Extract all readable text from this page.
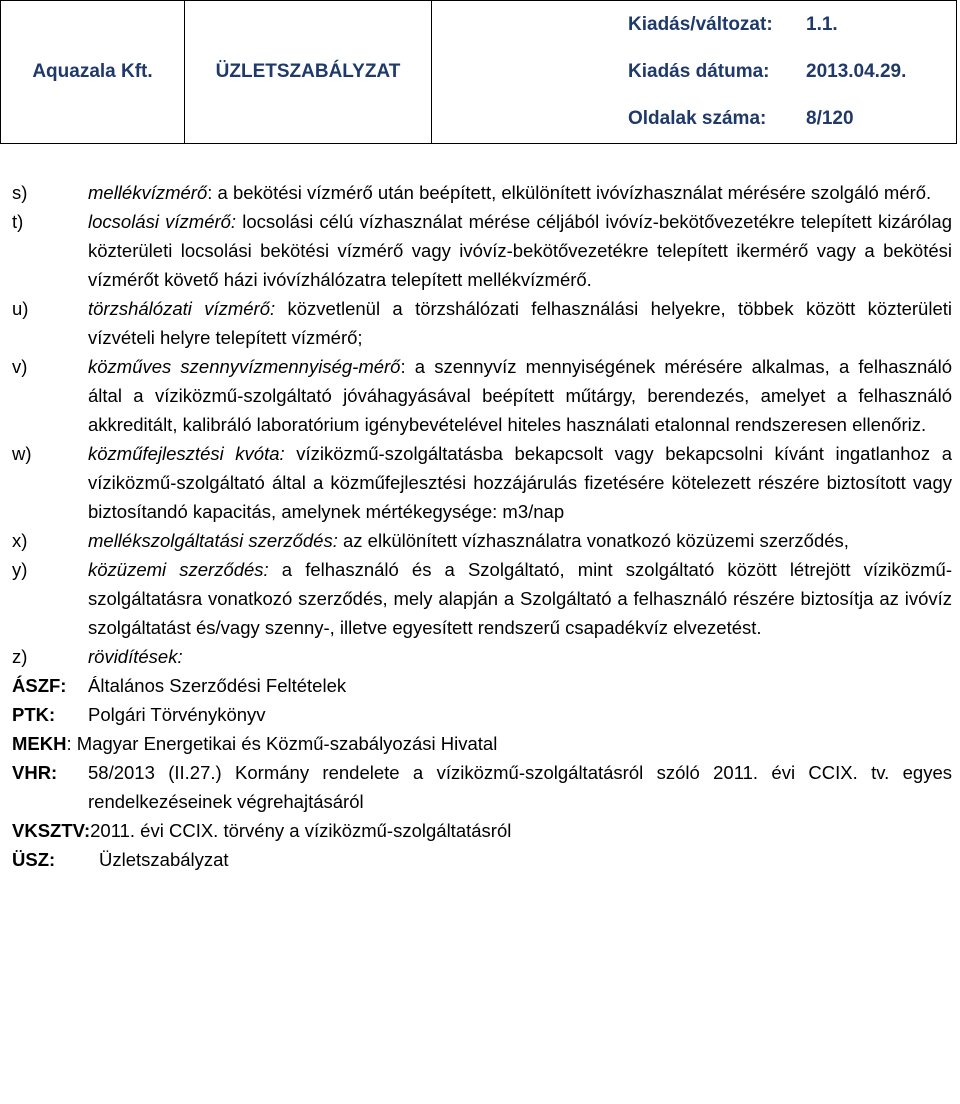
Aquazala Kft.	ÜZLETSZABÁLYZAT	
Kiadás/változat:	1.1.
Kiadás dátuma:	2013.04.29.
Oldalak száma:	8/120
s)	mellékvízmérő: a bekötési vízmérő után beépített, elkülönített ivóvízhasználat mérésére szolgáló mérő.
t)	locsolási vízmérő: locsolási célú vízhasználat mérése céljából ivóvíz-bekötővezetékre telepített kizárólag közterületi locsolási bekötési vízmérő vagy ivóvíz-bekötővezetékre telepített ikermérő vagy a bekötési vízmérőt követő házi ivóvízhálózatra telepített mellékvízmérő.
u)	törzshálózati vízmérő: közvetlenül a törzshálózati felhasználási helyekre, többek között közterületi vízvételi helyre telepített vízmérő;
v)	közműves szennyvízmennyiség-mérő: a szennyvíz mennyiségének mérésére alkalmas, a felhasználó által a víziközmű-szolgáltató jóváhagyásával beépített műtárgy, berendezés, amelyet a felhasználó akkreditált, kalibráló laboratórium igénybevételével hiteles használati etalonnal rendszeresen ellenőriz.
w)	közműfejlesztési kvóta: víziközmű-szolgáltatásba bekapcsolt vagy bekapcsolni kívánt ingatlanhoz a víziközmű-szolgáltató által a közműfejlesztési hozzájárulás fizetésére kötelezett részére biztosított vagy biztosítandó kapacitás, amelynek mértékegysége: m3/nap
x)	mellékszolgáltatási szerződés: az elkülönített vízhasználatra vonatkozó közüzemi szerződés,
y)	közüzemi szerződés: a felhasználó és a Szolgáltató, mint szolgáltató között létrejött víziközmű-szolgáltatásra vonatkozó szerződés, mely alapján a Szolgáltató a felhasználó részére biztosítja az ivóvíz szolgáltatást és/vagy szenny-, illetve egyesített rendszerű csapadékvíz elvezetést.
z)	rövidítések:
ÁSZF:	Általános Szerződési Feltételek
PTK:	Polgári Törvénykönyv
MEKH : Magyar Energetikai és Közmű-szabályozási Hivatal
VHR:	58/2013 (II.27.) Kormány rendelete a víziközmű-szolgáltatásról szóló 2011. évi CCIX. tv. egyes rendelkezéseinek végrehajtásáról
VKSZTV: 2011. évi CCIX. törvény a víziközmű-szolgáltatásról
ÜSZ:	Üzletszabályzat
